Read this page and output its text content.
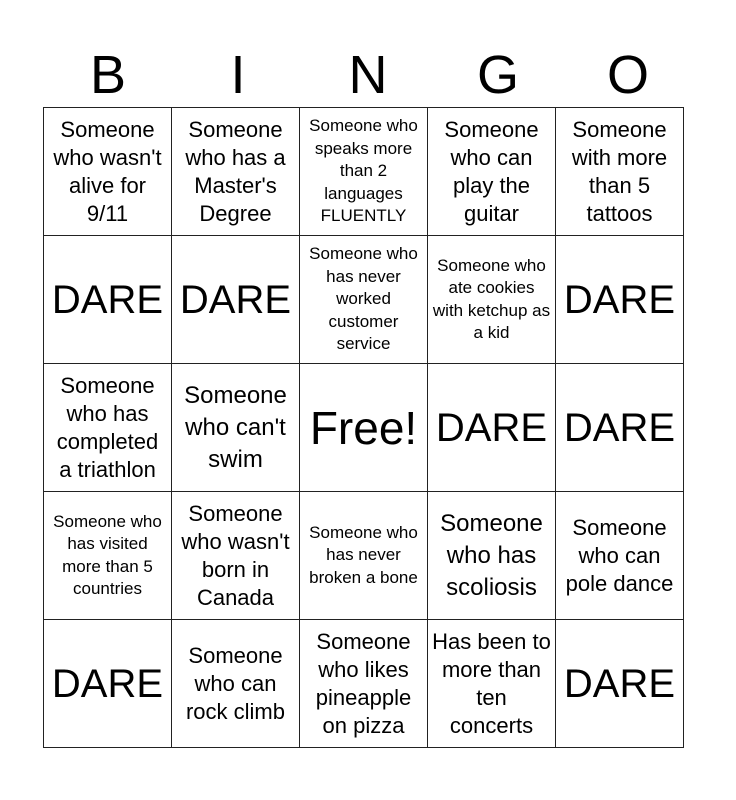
B	I	N	G	O
Someone who wasn't alive for 9/11	Someone who has a Master's Degree	Someone who speaks more than 2 languages FLUENTLY	Someone who can play the guitar	Someone with more than 5 tattoos
DARE	DARE	Someone who has never worked customer service	Someone who ate cookies with ketchup as a kid	DARE
Someone who has completed a triathlon	Someone who can't swim	Free!	DARE	DARE
Someone who has visited more than 5 countries	Someone who wasn't born in Canada	Someone who has never broken a bone	Someone who has scoliosis	Someone who can pole dance
DARE	Someone who can rock climb	Someone who likes pineapple on pizza	Has been to more than ten concerts	DARE
